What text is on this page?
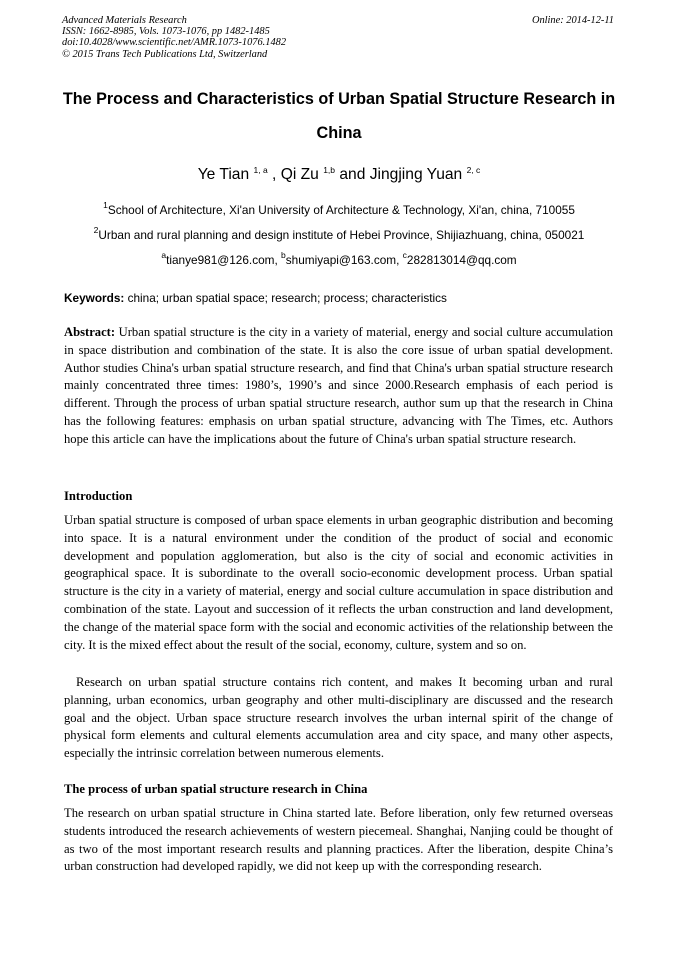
Advanced Materials Research
ISSN: 1662-8985, Vols. 1073-1076, pp 1482-1485
doi:10.4028/www.scientific.net/AMR.1073-1076.1482
© 2015 Trans Tech Publications Ltd, Switzerland
Online: 2014-12-11
The Process and Characteristics of Urban Spatial Structure Research in
China
Ye Tian $^{1, a}$ , Qi Zu $^{1,b}$ and Jingjing Yuan $^{2, c}$
$^1$School of Architecture, Xi'an University of Architecture & Technology, Xi'an, china, 710055
$^2$Urban and rural planning and design institute of Hebei Province, Shijiazhuang, china, 050021
$^a$tianye981@126.com, $^b$shumiyapi@163.com, $^c$282813014@qq.com
Keywords: china; urban spatial space; research; process; characteristics

Abstract: Urban spatial structure is the city in a variety of material, energy and social culture accumulation in space distribution and combination of the state. It is also the core issue of urban spatial development. Author studies China's urban spatial structure research, and find that China's urban spatial structure research mainly concentrated three times: 1980’s, 1990’s and since 2000.Research emphasis of each period is different. Through the process of urban spatial structure research, author sum up that the research in China has the following features: emphasis on urban spatial structure, advancing with The Times, etc. Authors hope this article can have the implications about the future of China's urban spatial structure research.

Introduction

Urban spatial structure is composed of urban space elements in urban geographic distribution and becoming into space. It is a natural environment under the condition of the product of social and economic development and population agglomeration, but also is the city of social and economic activities in geographical space. It is subordinate to the overall socio-economic development process. Urban spatial structure is the city in a variety of material, energy and social culture accumulation in space distribution and combination of the state. Layout and succession of it reflects the urban construction and land development, the change of the material space form with the social and economic activities of the relationship between the city. It is the mixed effect about the result of the social, economy, culture, system and so on.

Research on urban spatial structure contains rich content, and makes It becoming urban and rural planning, urban economics, urban geography and other multi-disciplinary are discussed and the research goal and the object. Urban space structure research involves the urban internal spirit of the change of physical form elements and cultural elements accumulation area and city space, and many other aspects, especially the intrinsic correlation between numerous elements.

The process of urban spatial structure research in China

The research on urban spatial structure in China started late. Before liberation, only few returned overseas students introduced the research achievements of western piecemeal. Shanghai, Nanjing could be thought of as two of the most important research results and planning practices. After the liberation, despite China’s urban construction had developed rapidly, we did not keep up with the corresponding research.
